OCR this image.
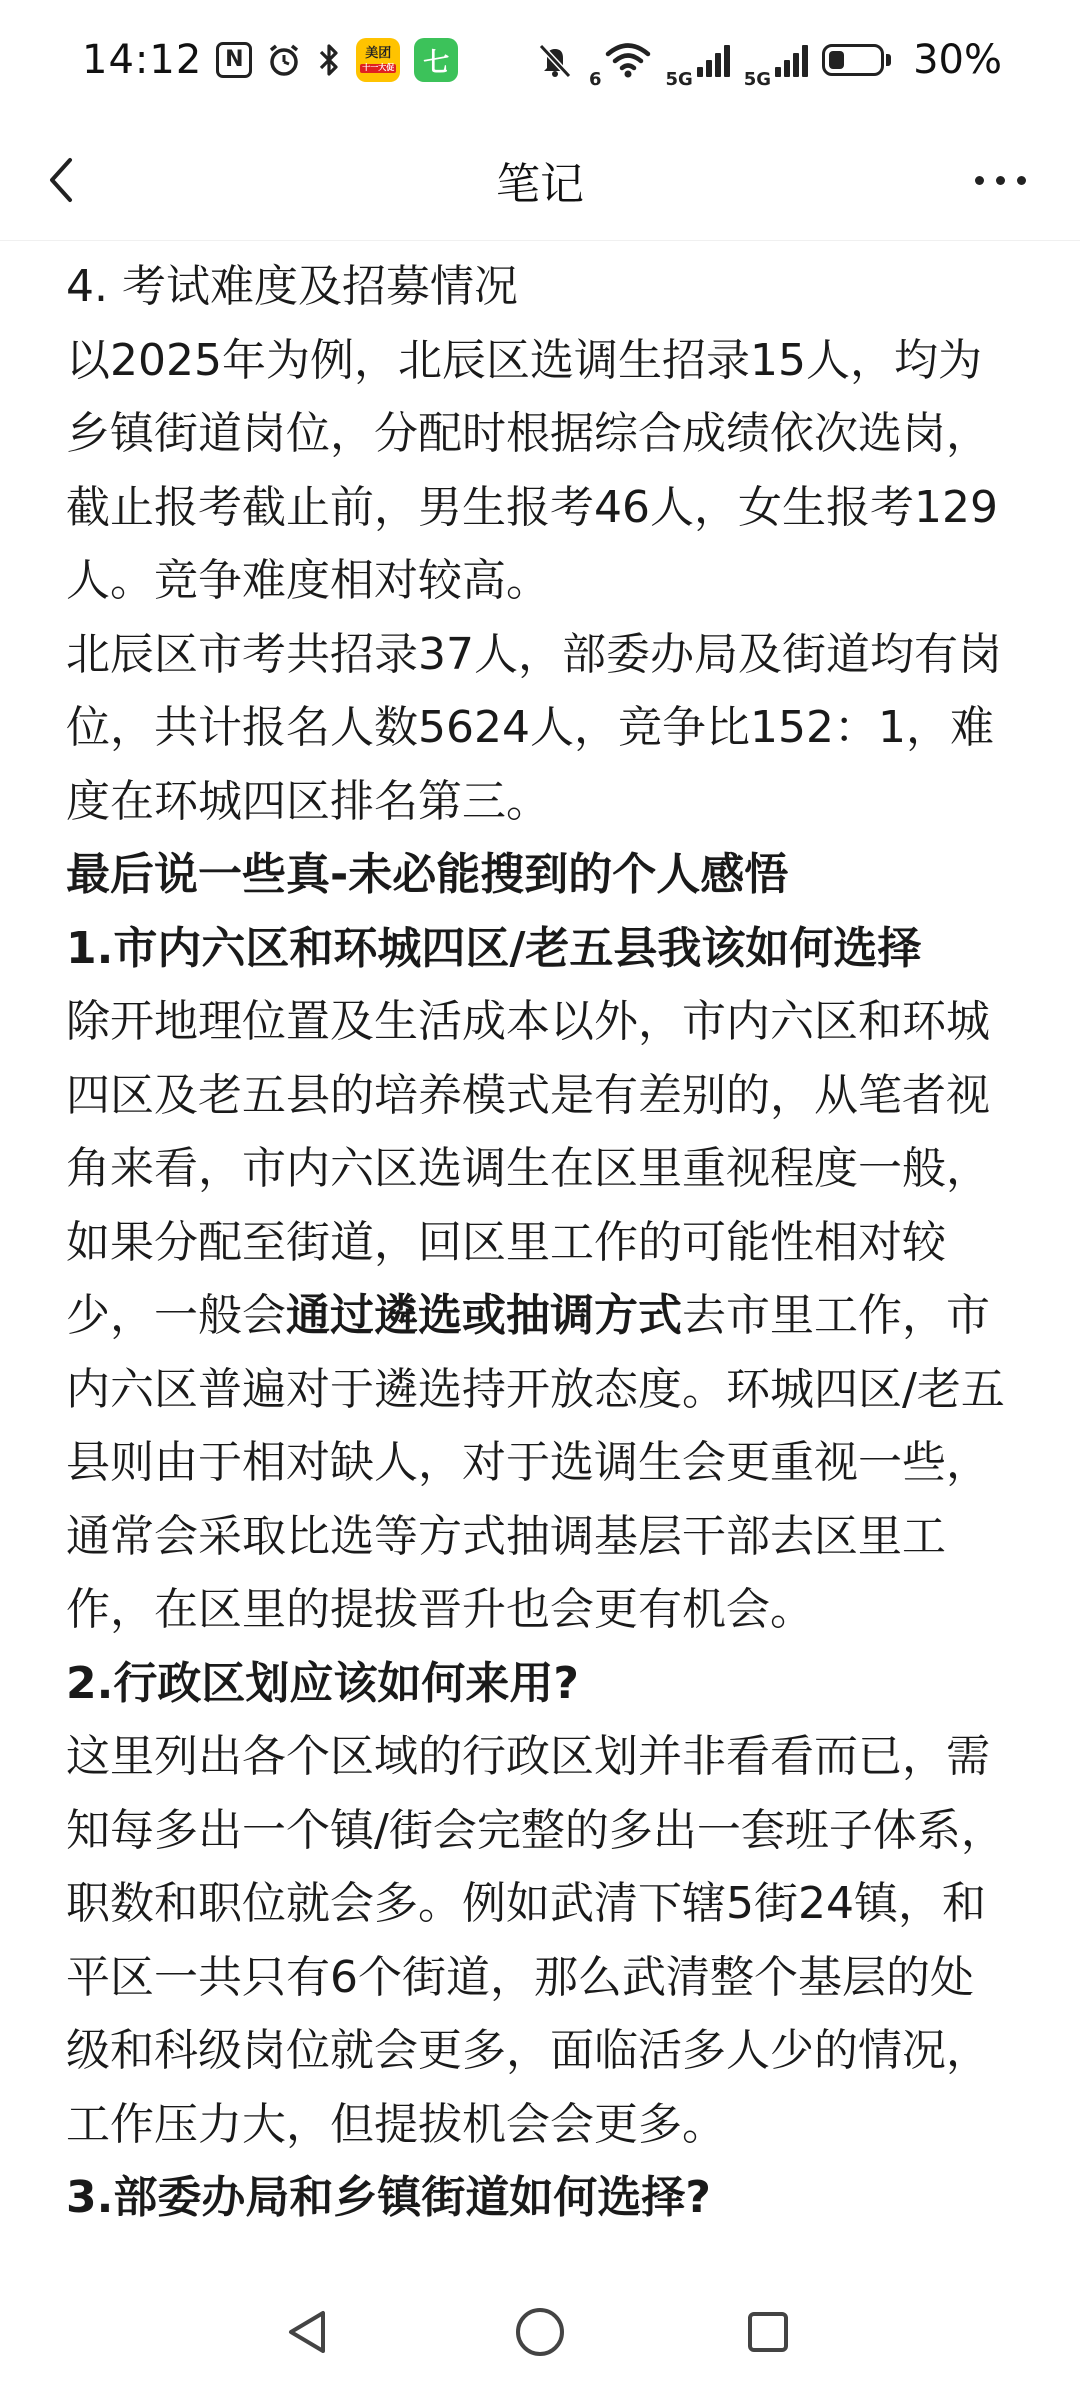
14:12	N	美团
十一大促	七
6	5G	5G	30%
笔记

4. 考试难度及招募情况

以2025年为例，北辰区选调生招录15人，均为乡镇街道岗位，分配时根据综合成绩依次选岗，截止报考截止前，男生报考46人，女生报考129人。竞争难度相对较高。

北辰区市考共招录37人，部委办局及街道均有岗位，共计报名人数5624人，竞争比152：1，难度在环城四区排名第三。

最后说一些真-未必能搜到的个人感悟

1.市内六区和环城四区/老五县我该如何选择

除开地理位置及生活成本以外，市内六区和环城四区及老五县的培养模式是有差别的，从笔者视角来看，市内六区选调生在区里重视程度一般，如果分配至街道，回区里工作的可能性相对较少，一般会通过遴选或抽调方式去市里工作，市内六区普遍对于遴选持开放态度。环城四区/老五县则由于相对缺人，对于选调生会更重视一些，通常会采取比选等方式抽调基层干部去区里工作，在区里的提拔晋升也会更有机会。

2.行政区划应该如何来用?

这里列出各个区域的行政区划并非看看而已，需知每多出一个镇/街会完整的多出一套班子体系，职数和职位就会多。例如武清下辖5街24镇，和平区一共只有6个街道，那么武清整个基层的处级和科级岗位就会更多，面临活多人少的情况，工作压力大，但提拔机会会更多。

3.部委办局和乡镇街道如何选择?
